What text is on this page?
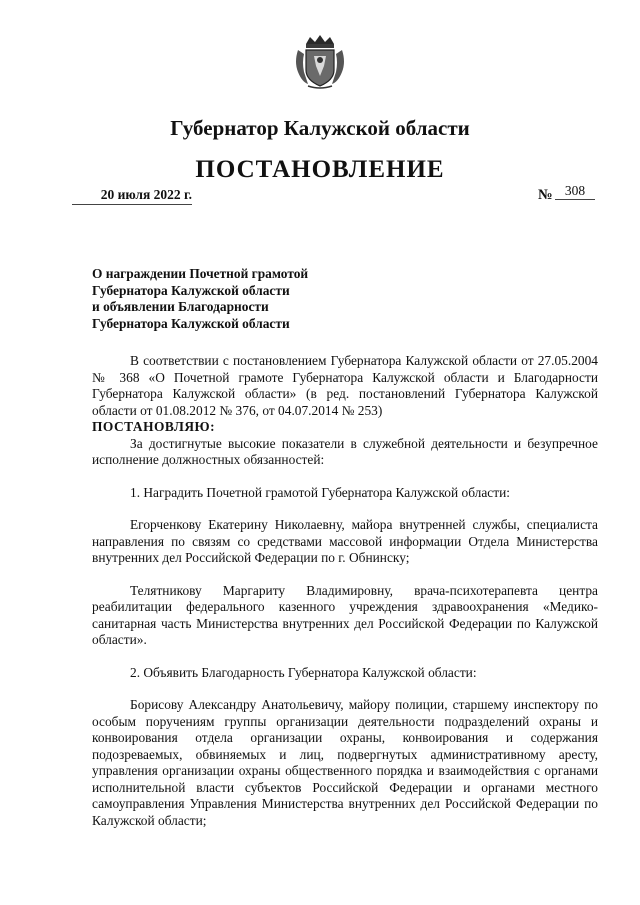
Губернатор Калужской области
ПОСТАНОВЛЕНИЕ
20 июля 2022 г.	№ 308
О награждении Почетной грамотой
Губернатора Калужской области
и объявлении Благодарности
Губернатора Калужской области

В соответствии с постановлением Губернатора Калужской области от 27.05.2004 № 368 «О Почетной грамоте Губернатора Калужской области и Благодарности Губернатора Калужской области» (в ред. постановлений Губернатора Калужской области от 01.08.2012 № 376, от 04.07.2014 № 253)

ПОСТАНОВЛЯЮ:

За достигнутые высокие показатели в служебной деятельности и безупречное исполнение должностных обязанностей:

1. Наградить Почетной грамотой Губернатора Калужской области:

Егорченкову Екатерину Николаевну, майора внутренней службы, специалиста направления по связям со средствами массовой информации Отдела Министерства внутренних дел Российской Федерации по г. Обнинску;

Телятникову Маргариту Владимировну, врача-психотерапевта центра реабилитации федерального казенного учреждения здравоохранения «Медико-санитарная часть Министерства внутренних дел Российской Федерации по Калужской области».

2. Объявить Благодарность Губернатора Калужской области:

Борисову Александру Анатольевичу, майору полиции, старшему инспектору по особым поручениям группы организации деятельности подразделений охраны и конвоирования отдела организации охраны, конвоирования и содержания подозреваемых, обвиняемых и лиц, подвергнутых административному аресту, управления организации охраны общественного порядка и взаимодействия с органами исполнительной власти субъектов Российской Федерации и органами местного самоуправления Управления Министерства внутренних дел Российской Федерации по Калужской области;
